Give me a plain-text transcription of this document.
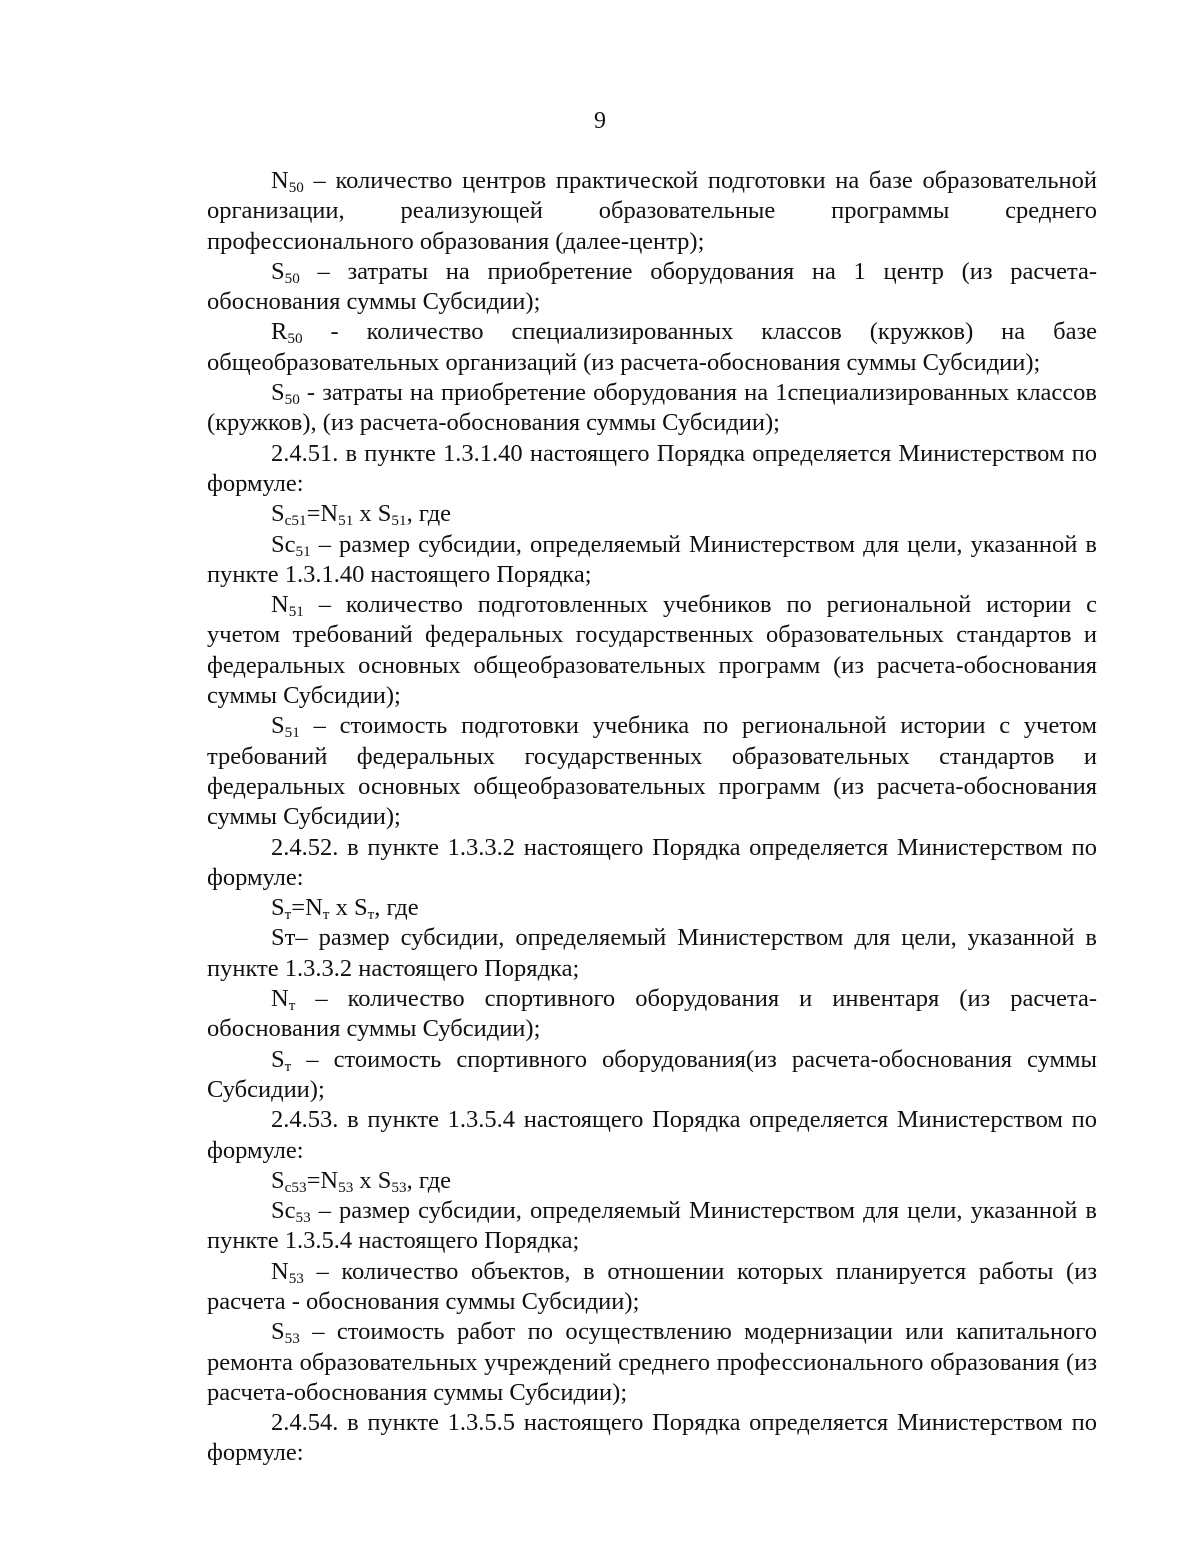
9

$N_{50}$ – количество центров практической подготовки на базе образовательной организации, реализующей образовательные программы среднего профессионального образования (далее-центр);

$S_{50}$ – затраты на приобретение оборудования на 1 центр (из расчета-обоснования суммы Субсидии);

$R_{50}$ - количество специализированных классов (кружков) на базе общеобразовательных организаций (из расчета-обоснования суммы Субсидии);

$S_{50}$ - затраты на приобретение оборудования на 1специализированных классов (кружков), (из расчета-обоснования суммы Субсидии);

2.4.51. в пункте 1.3.1.40 настоящего Порядка определяется Министерством по формуле:

$S_{c51}=N_{51}$ x $S_{51}$, где

$Sc_{51}$ – размер субсидии, определяемый Министерством для цели, указанной в пункте 1.3.1.40 настоящего Порядка;

$N_{51}$ – количество подготовленных учебников по региональной истории с учетом требований федеральных государственных образовательных стандартов и федеральных основных общеобразовательных программ (из расчета-обоснования суммы Субсидии);

$S_{51}$ – стоимость подготовки учебника по региональной истории с учетом требований федеральных государственных образовательных стандартов и федеральных основных общеобразовательных программ (из расчета-обоснования суммы Субсидии);

2.4.52. в пункте 1.3.3.2 настоящего Порядка определяется Министерством по формуле:

$S_т=N_т$ x $S_т$, где

Sт– размер субсидии, определяемый Министерством для цели, указанной в пункте 1.3.3.2 настоящего Порядка;

$N_т$ – количество спортивного оборудования и инвентаря (из расчета-обоснования суммы Субсидии);

$S_т$ – стоимость спортивного оборудования(из расчета-обоснования суммы Субсидии);

2.4.53. в пункте 1.3.5.4 настоящего Порядка определяется Министерством по формуле:

$S_{c53}=N_{53}$ x $S_{53}$, где

$Sc_{53}$ – размер субсидии, определяемый Министерством для цели, указанной в пункте 1.3.5.4 настоящего Порядка;

$N_{53}$ – количество объектов, в отношении которых планируется работы (из расчета - обоснования суммы Субсидии);

$S_{53}$ – стоимость работ по осуществлению модернизации или капитального ремонта образовательных учреждений среднего профессионального образования (из расчета-обоснования суммы Субсидии);

2.4.54. в пункте 1.3.5.5 настоящего Порядка определяется Министерством по формуле:
